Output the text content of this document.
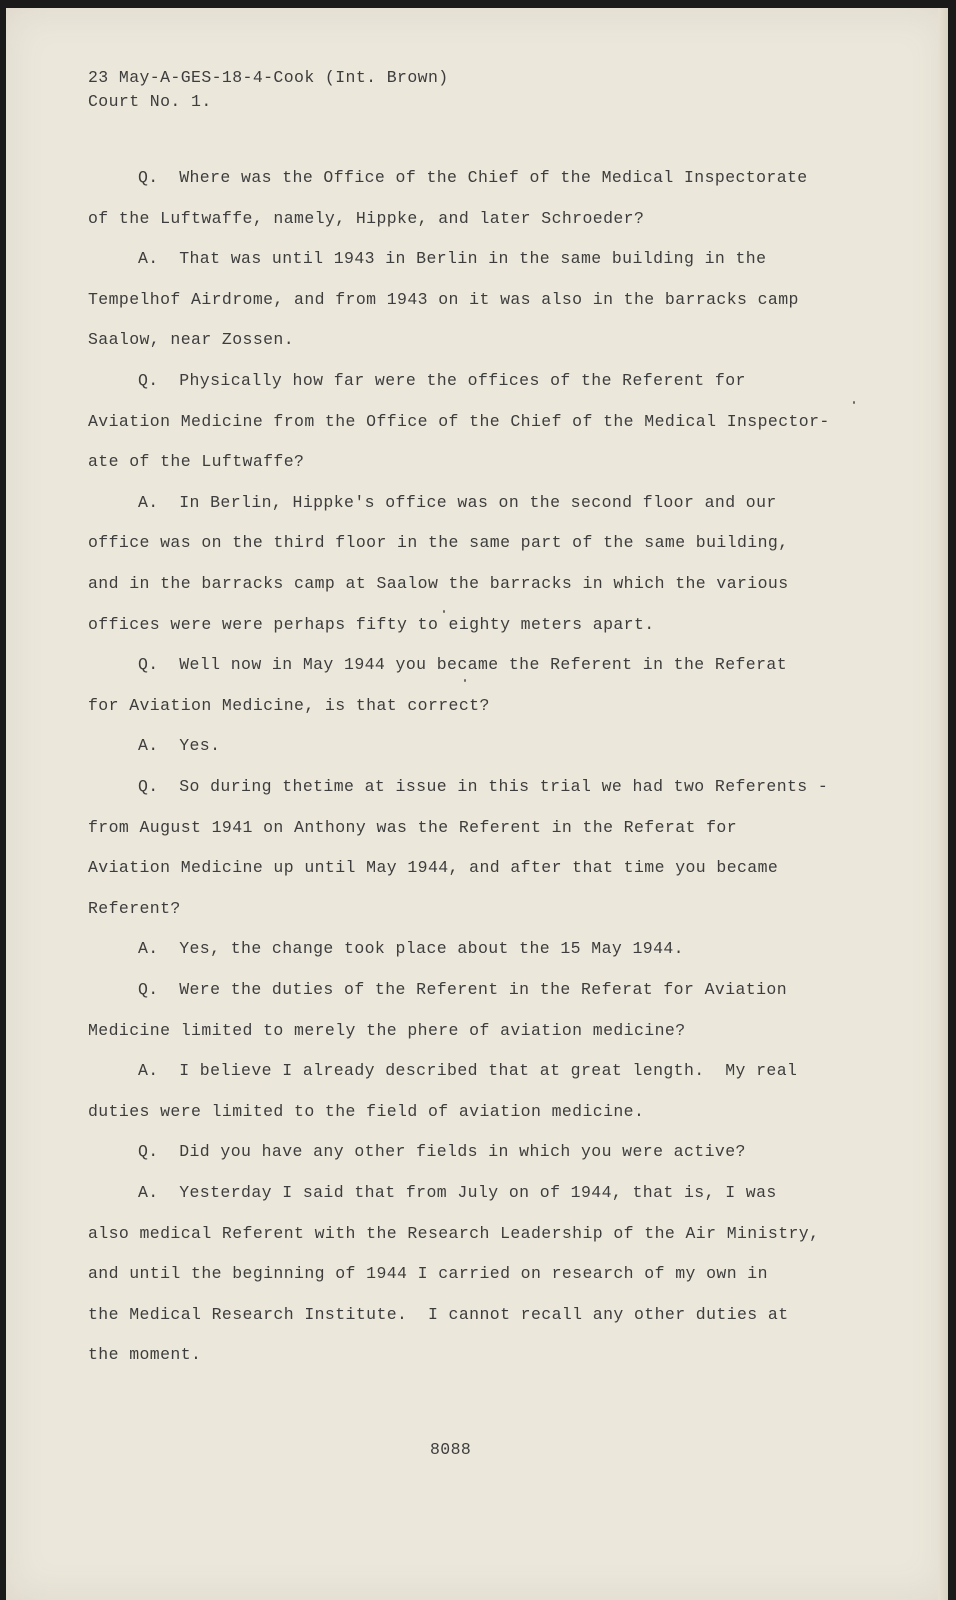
23 May-A-GES-18-4-Cook (Int. Brown)
Court No. 1.
Q.  Where was the Office of the Chief of the Medical Inspectorate
of the Luftwaffe, namely, Hippke, and later Schroeder?
A.  That was until 1943 in Berlin in the same building in the
Tempelhof Airdrome, and from 1943 on it was also in the barracks camp
Saalow, near Zossen.
Q.  Physically how far were the offices of the Referent for
Aviation Medicine from the Office of the Chief of the Medical Inspector-
ate of the Luftwaffe?
A.  In Berlin, Hippke's office was on the second floor and our
office was on the third floor in the same part of the same building,
and in the barracks camp at Saalow the barracks in which the various
offices were were perhaps fifty to eighty meters apart.
Q.  Well now in May 1944 you became the Referent in the Referat
for Aviation Medicine, is that correct?
A.  Yes.
Q.  So during thetime at issue in this trial we had two Referents -
from August 1941 on Anthony was the Referent in the Referat for
Aviation Medicine up until May 1944, and after that time you became
Referent?
A.  Yes, the change took place about the 15 May 1944.
Q.  Were the duties of the Referent in the Referat for Aviation
Medicine limited to merely the phere of aviation medicine?
A.  I believe I already described that at great length.  My real
duties were limited to the field of aviation medicine.
Q.  Did you have any other fields in which you were active?
A.  Yesterday I said that from July on of 1944, that is, I was
also medical Referent with the Research Leadership of the Air Ministry,
and until the beginning of 1944 I carried on research of my own in
the Medical Research Institute.  I cannot recall any other duties at
the moment.
8088
